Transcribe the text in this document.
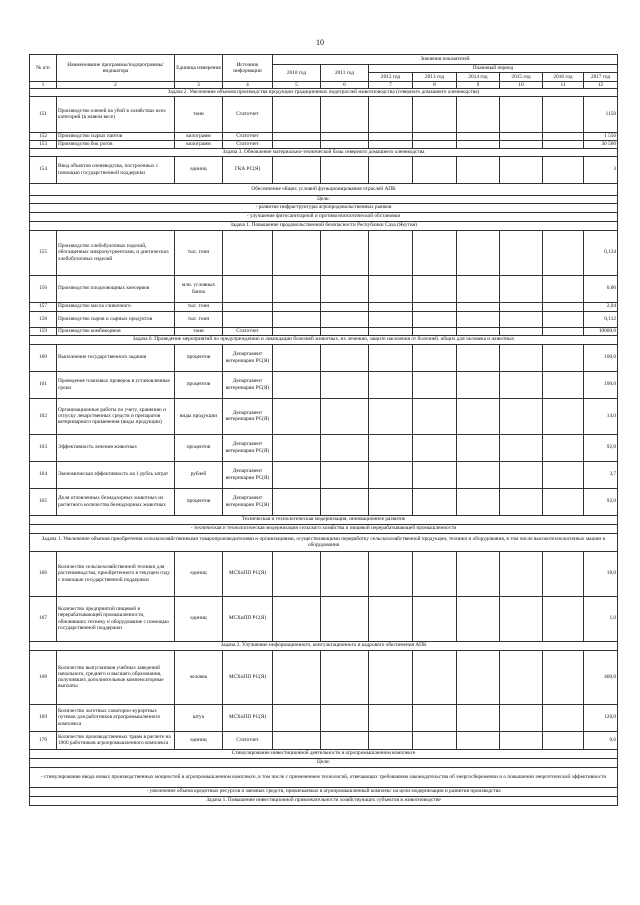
10
№ п/п	Наименование программы/подпрограммы/индикатора	Единица измерения	Источник информации	Значения показателей							
				2010 год	2011 год	Плановый период					
						2012 год	2013 год	2014 год	2015 год	2016 год	2017 год
1	2	3	4	5	6	7	8	9	10	11	12
Задача 2. Увеличение объемов производства продукции традиционных подотраслей животноводства (северного домашнего оленеводства)											
151	Производство оленей на убой в хозяйствах всех категорий (в живом весе)	тонн	Статотчет								1150
152	Производство сырых пантов	килограмм	Статотчет								1 550
153	Производство бок рогов	килограмм	Статотчет								30 500
Задача 3. Обновление материально-технической базы северного домашнего оленеводства											
154	Ввод объектов оленеводства, построенных с помощью государственной поддержки	единиц	ГКА РС(Я)								3
Обеспечение общих условий функционирования отраслей АПК											
Цель:											
- развитие инфраструктуры агропродовольственных рынков											
- улучшение фитосанитарной и противоэпизоотической обстановки											
Задача 1. Повышение продовольственной безопасности Республики Саха (Якутия)											
155	Производство хлебобулочных изделий, обогащенных микронутриентами, и диетических хлебобулочных изделий	тыс. тонн									0,134
156	Производство плодоовощных консервов	млн. условных банок									0,06
157	Производство масла сливочного	тыс. тонн									2,04
158	Производство сыров и сырных продуктов	тыс. тонн									0,112
159	Производство комбикормов	тонн	Статотчет								10000,0
Задача 6. Проведение мероприятий по предупреждению и ликвидации болезней животных, их лечению, защите населения от болезней, общих для человека и животных											
160	Выполнение государственного задания	процентов	Департамент ветеринарии РС(Я)								100,0
161	Проведение плановых проверок в установленные сроки	процентов	Департамент ветеринарии РС(Я)								100,0
162	Организационные работы по учету, хранению и отпуску лекарственных средств и препаратов ветеринарного применения (виды продукции)	виды продукции	Департамент ветеринарии РС(Я)								14,0
163	Эффективность лечения животных	процентов	Департамент ветеринарии РС(Я)								92,0
164	Экономическая эффективность на 1 рубль затрат	рублей	Департамент ветеринарии РС(Я)								3,7
165	Доля отловленных безнадзорных животных из расчетного количества безнадзорных животных	процентов	Департамент ветеринарии РС(Я)								92,0
Техническая и технологическая модернизация, инновационное развитие											
- техническая и технологическая модернизация сельского хозяйства и пищевой перерабатывающей промышленности											
Задача 1. Увеличение объемов приобретения сельскохозяйственными товаропроизводителями и организациями, осуществляющими переработку сельскохозяйственной продукции, техники и оборудования, в том числе высокотехнологичных машин и оборудования											
166	Количество сельскохозяйственной техники для растениеводства, приобретенного в текущем году с помощью государственной поддержки	единиц	МСХиПП РС(Я)								18,0
167	Количество предприятий пищевой и перерабатывающей промышленности, обновивших технику и оборудование с помощью государственной поддержки	единиц	МСХиПП РС(Я)								1,0
Задача 2. Улучшение информационного, консультационного и кадрового обеспечения АПК											
168	Количество выпускников учебных заведений начального, среднего и высшего образования, получивших дополнительные компенсаторные выплаты	человек	МСХиПП РС(Я)								460,0
169	Количество льготных санаторно-курортных путевок для работников агропромышленного комплекса	штук	МСХиПП РС(Я)								120,0
170	Количество производственных травм в расчете на 1000 работников агропромышленного комплекса	единиц	Статотчет								0,6
Стимулирование инвестиционной деятельности в агропромышленном комплексе											
Цели:											
- стимулирование ввода новых производственных мощностей в агропромышленном комплексе, в том числе с применением технологий, отвечающих требованиям законодательства об энергосбережении и о повышении энергетической эффективности											
- увеличение объема кредитных ресурсов и заемных средств, привлекаемых в агропромышленный комплекс на цели модернизации и развития производства											
Задача 1. Повышение инвестиционной привлекательности хозяйствующих субъектов в животноводстве											
